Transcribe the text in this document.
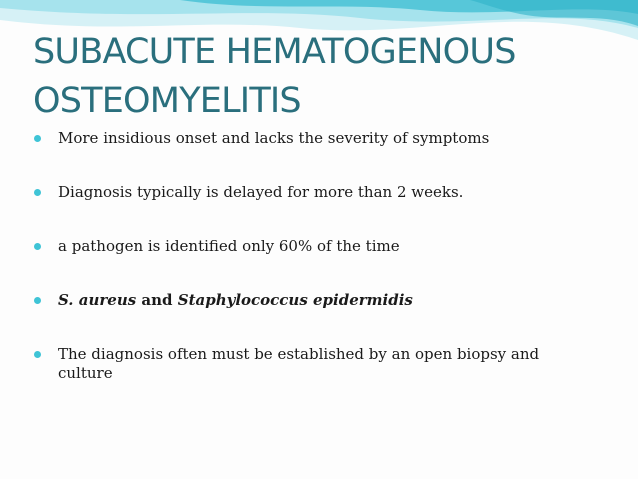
SUBACUTE HEMATOGENOUS
OSTEOMYELITIS
More insidious onset and lacks the severity of symptoms
Diagnosis typically is delayed for more than 2 weeks.
a pathogen is identified only 60% of the time
S. aureus and Staphylococcus epidermidis
The diagnosis often must be established by an open biopsy and culture
